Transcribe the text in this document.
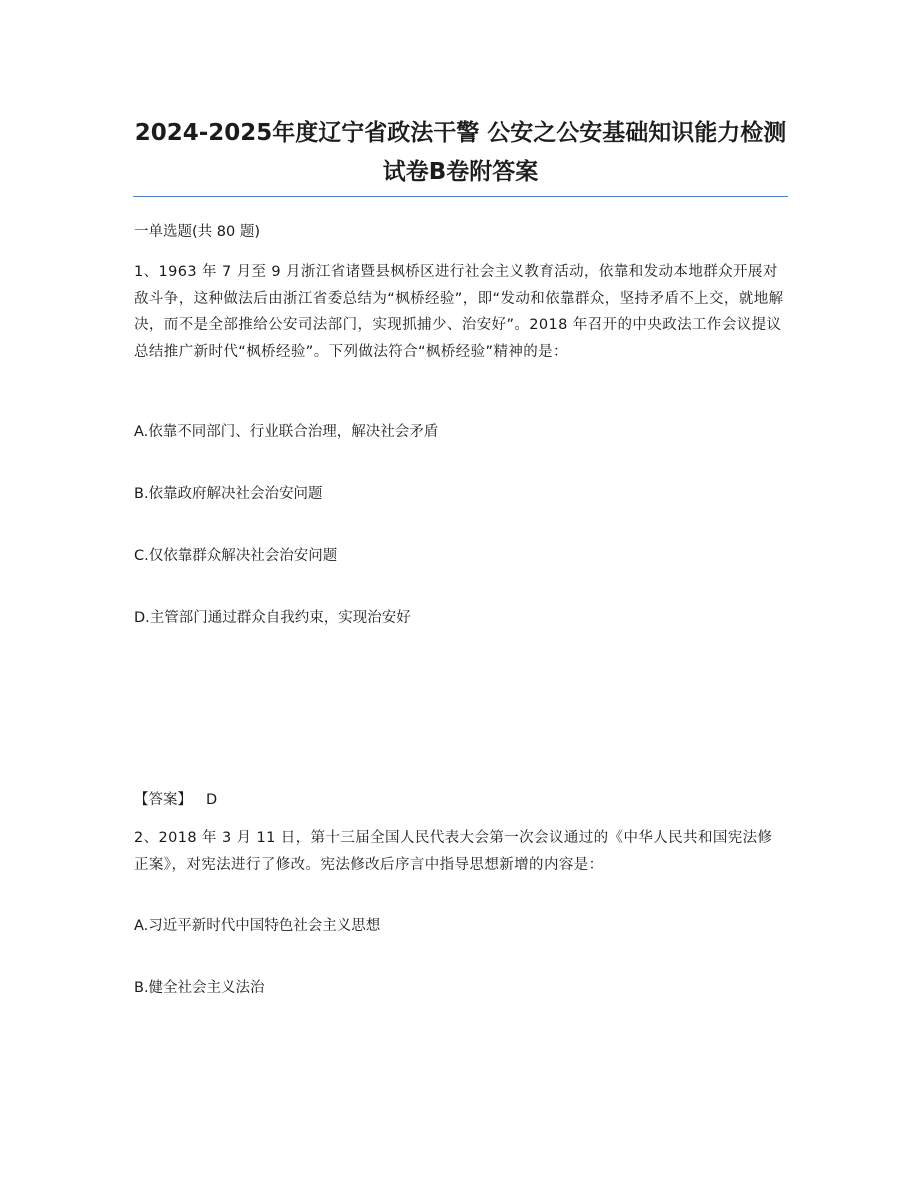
2024-2025年度辽宁省政法干警 公安之公安基础知识能力检测试卷B卷附答案
一单选题(共 80 题)

1、1963 年 7 月至 9 月浙江省诸暨县枫桥区进行社会主义教育活动，依靠和发动本地群众开展对敌斗争，这种做法后由浙江省委总结为“枫桥经验”，即“发动和依靠群众，坚持矛盾不上交，就地解决，而不是全部推给公安司法部门，实现抓捕少、治安好”。2018 年召开的中央政法工作会议提议总结推广新时代“枫桥经验”。下列做法符合“枫桥经验”精神的是：

A.依靠不同部门、行业联合治理，解决社会矛盾

B.依靠政府解决社会治安问题

C.仅依靠群众解决社会治安问题

D.主管部门通过群众自我约束，实现治安好

【答案】 D

2、2018 年 3 月 11 日，第十三届全国人民代表大会第一次会议通过的《中华人民共和国宪法修正案》，对宪法进行了修改。宪法修改后序言中指导思想新增的内容是：

A.习近平新时代中国特色社会主义思想

B.健全社会主义法治
